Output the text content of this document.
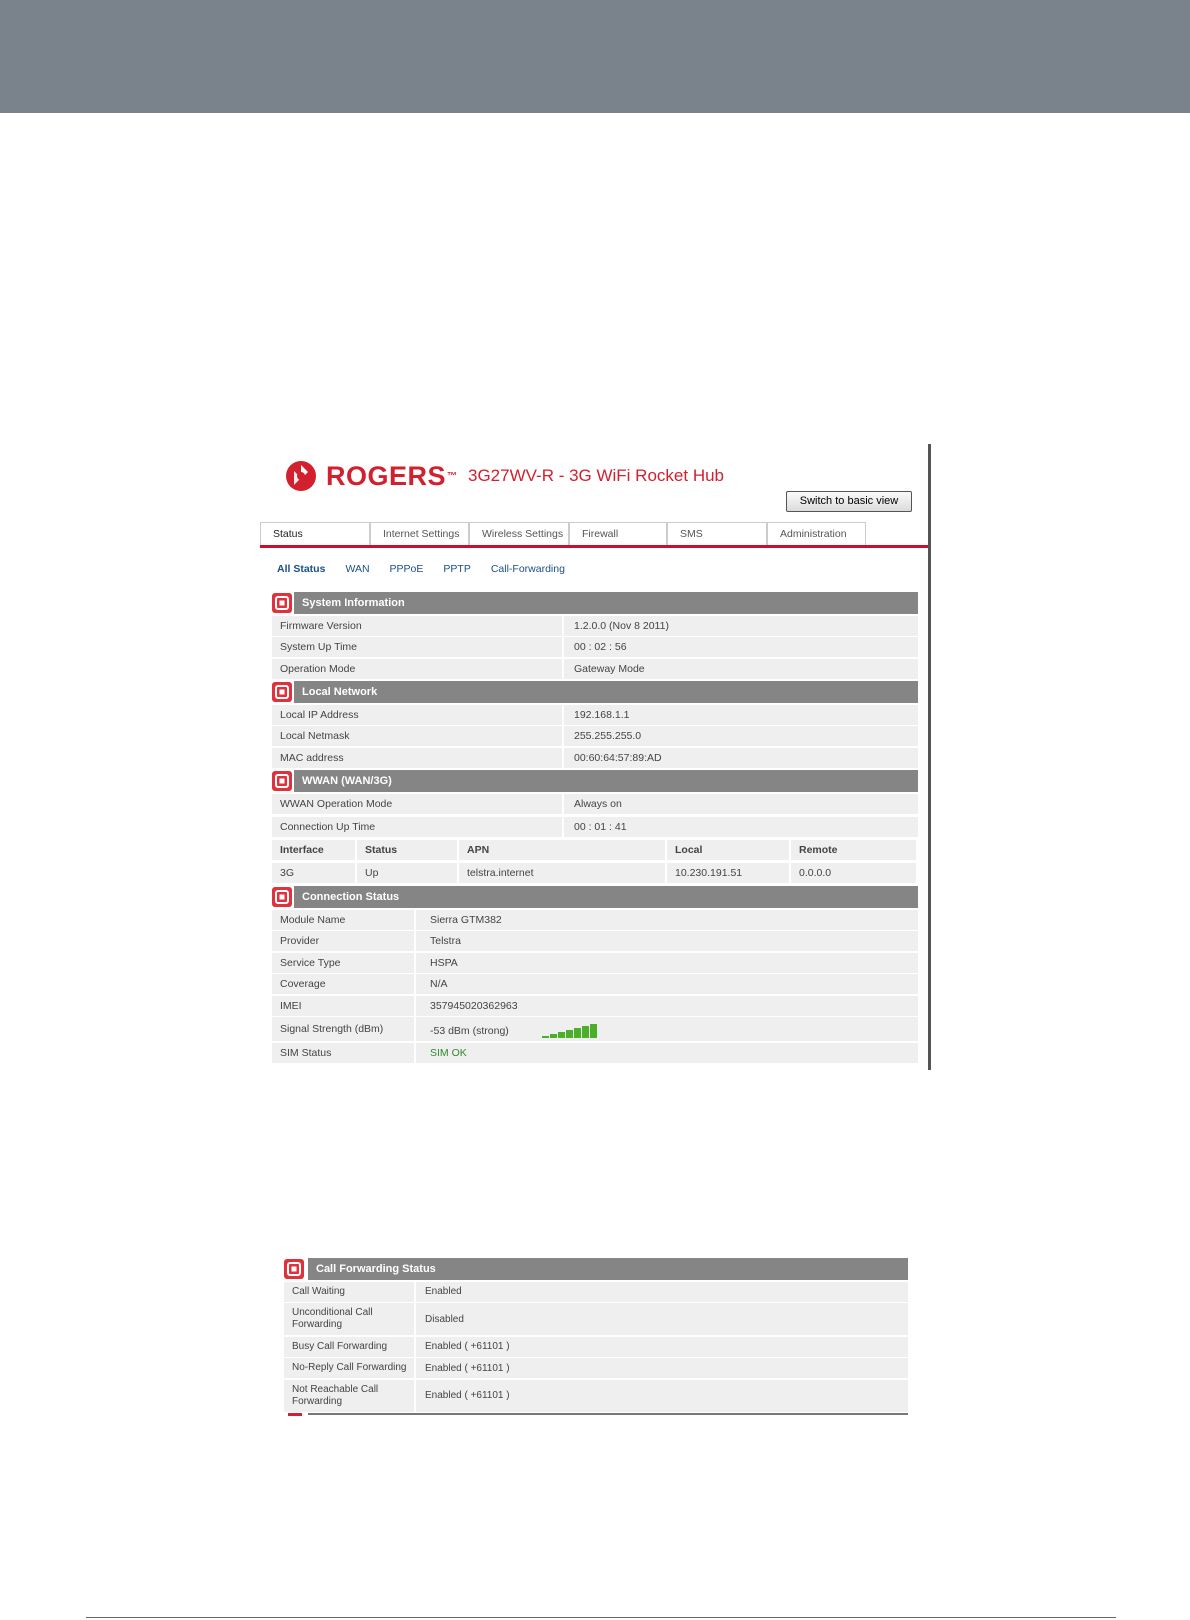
ROGERS ™ 3G27WV-R - 3G WiFi Rocket Hub
Switch to basic view
Status	Internet Settings	Wireless Settings	Firewall	SMS	Administration
All Status WAN PPPoE PPTP Call-Forwarding
System Information
Firmware Version	1.2.0.0 (Nov 8 2011)
System Up Time	00 : 02 : 56
Operation Mode	Gateway Mode
Local Network
Local IP Address	192.168.1.1
Local Netmask	255.255.255.0
MAC address	00:60:64:57:89:AD
WWAN (WAN/3G)
WWAN Operation Mode	Always on
Connection Up Time	00 : 01 : 41
Interface	Status	APN	Local	Remote
3G	Up	telstra.internet	10.230.191.51	0.0.0.0
Connection Status
Module Name	Sierra GTM382
Provider	Telstra
Service Type	HSPA
Coverage	N/A
IMEI	357945020362963
Signal Strength (dBm)	-53 dBm (strong)
SIM Status	SIM OK
Call Forwarding Status
Call Waiting	Enabled
Unconditional Call Forwarding	Disabled
Busy Call Forwarding	Enabled ( +61101 )
No-Reply Call Forwarding	Enabled ( +61101 )
Not Reachable Call Forwarding	Enabled ( +61101 )
